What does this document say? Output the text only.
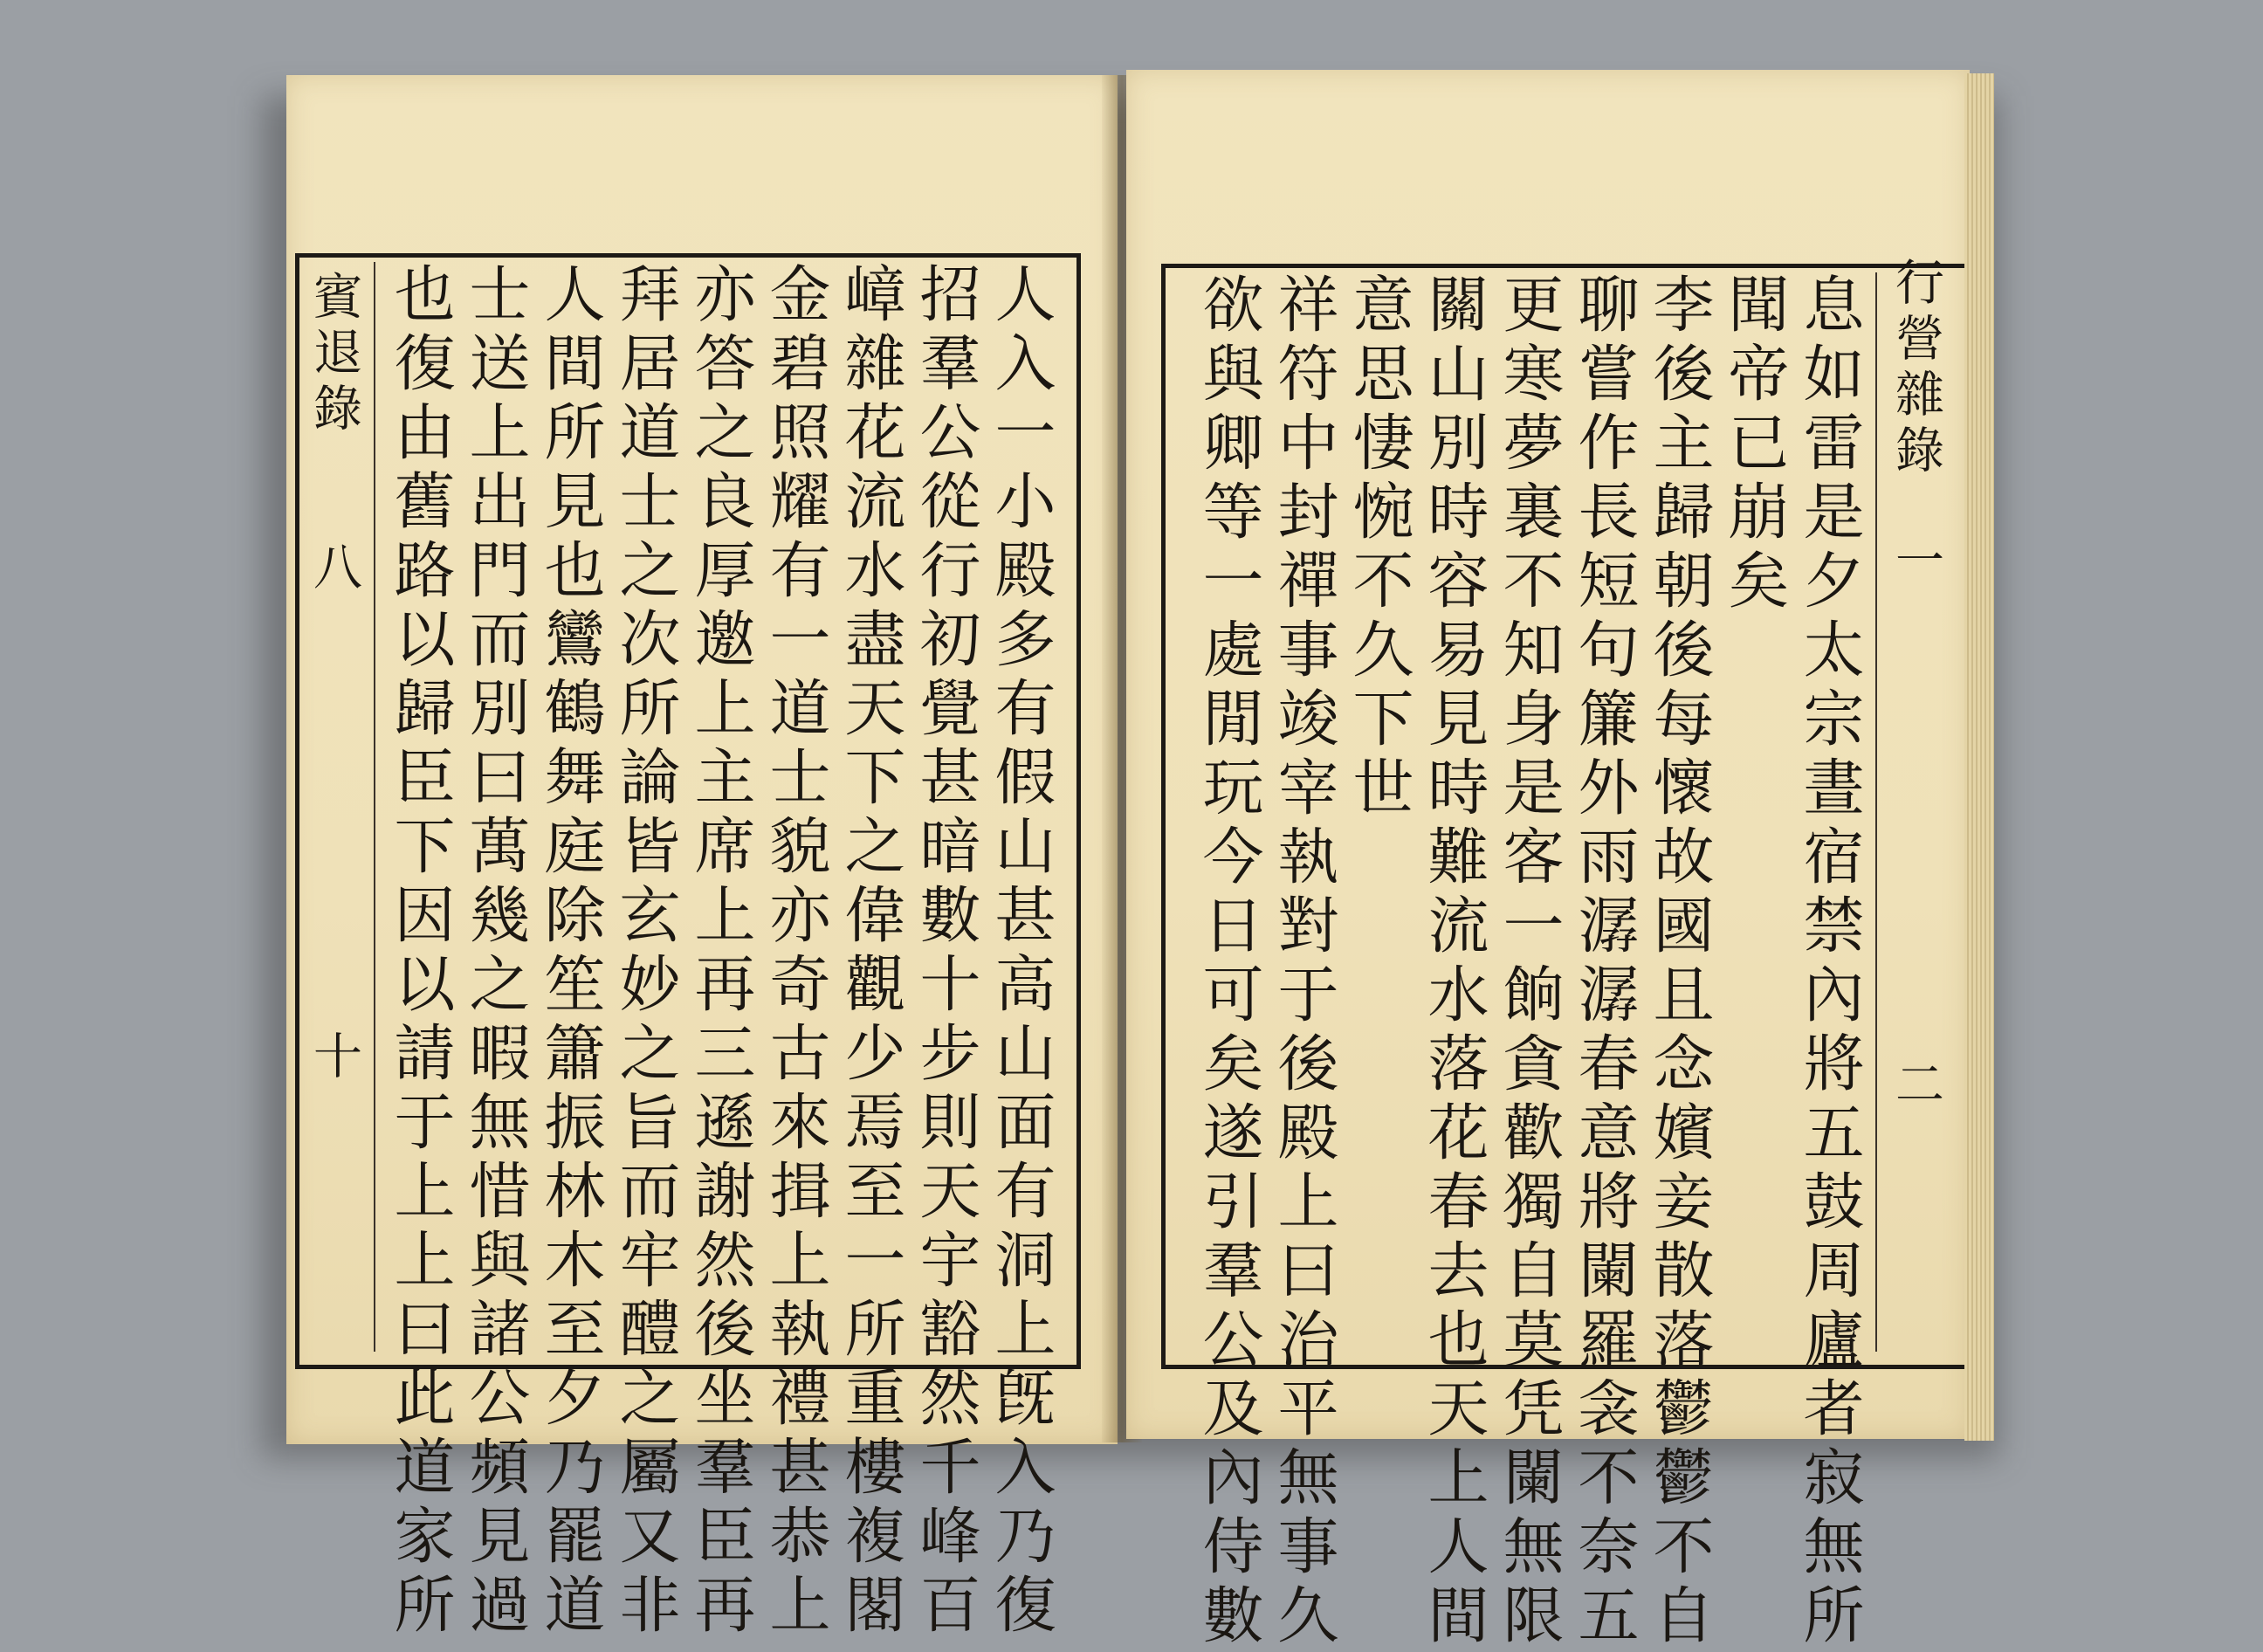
人入一小殿多有假山甚高山面有洞上旣入乃復
招羣公從行初覺甚暗數十步則天宇豁然千峰百
嶂雜花流水盡天下之偉觀少焉至一所重樓複閣
金碧照耀有一道士貌亦奇古來揖上執禮甚恭上
亦答之良厚邀上主席上再三遜謝然後坐羣臣再
拜居道士之次所論皆玄妙之旨而牢醴之屬又非
人間所見也鸞鶴舞庭除笙簫振林木至夕乃罷道
士送上出門而別曰萬幾之暇無惜與諸公頻見過
也復由舊路以歸臣下因以請于上上曰此道家所
賓退錄
八
十
行營雜錄
一
二
息如雷是夕太宗晝宿禁內將五鼓周廬者寂無所
聞帝已崩矣
李後主歸朝後每懷故國且念嬪妾散落鬱鬱不自
聊嘗作長短句簾外雨潺潺春意將闌羅衾不奈五
更寒夢裏不知身是客一餉貪歡獨自莫凭闌無限
關山別時容易見時難流水落花春去也天上人間
意思悽惋不久下世
祥符中封禪事竣宰執對于後殿上曰治平無事久
欲與卿等一處閒玩今日可矣遂引羣公及內侍數
